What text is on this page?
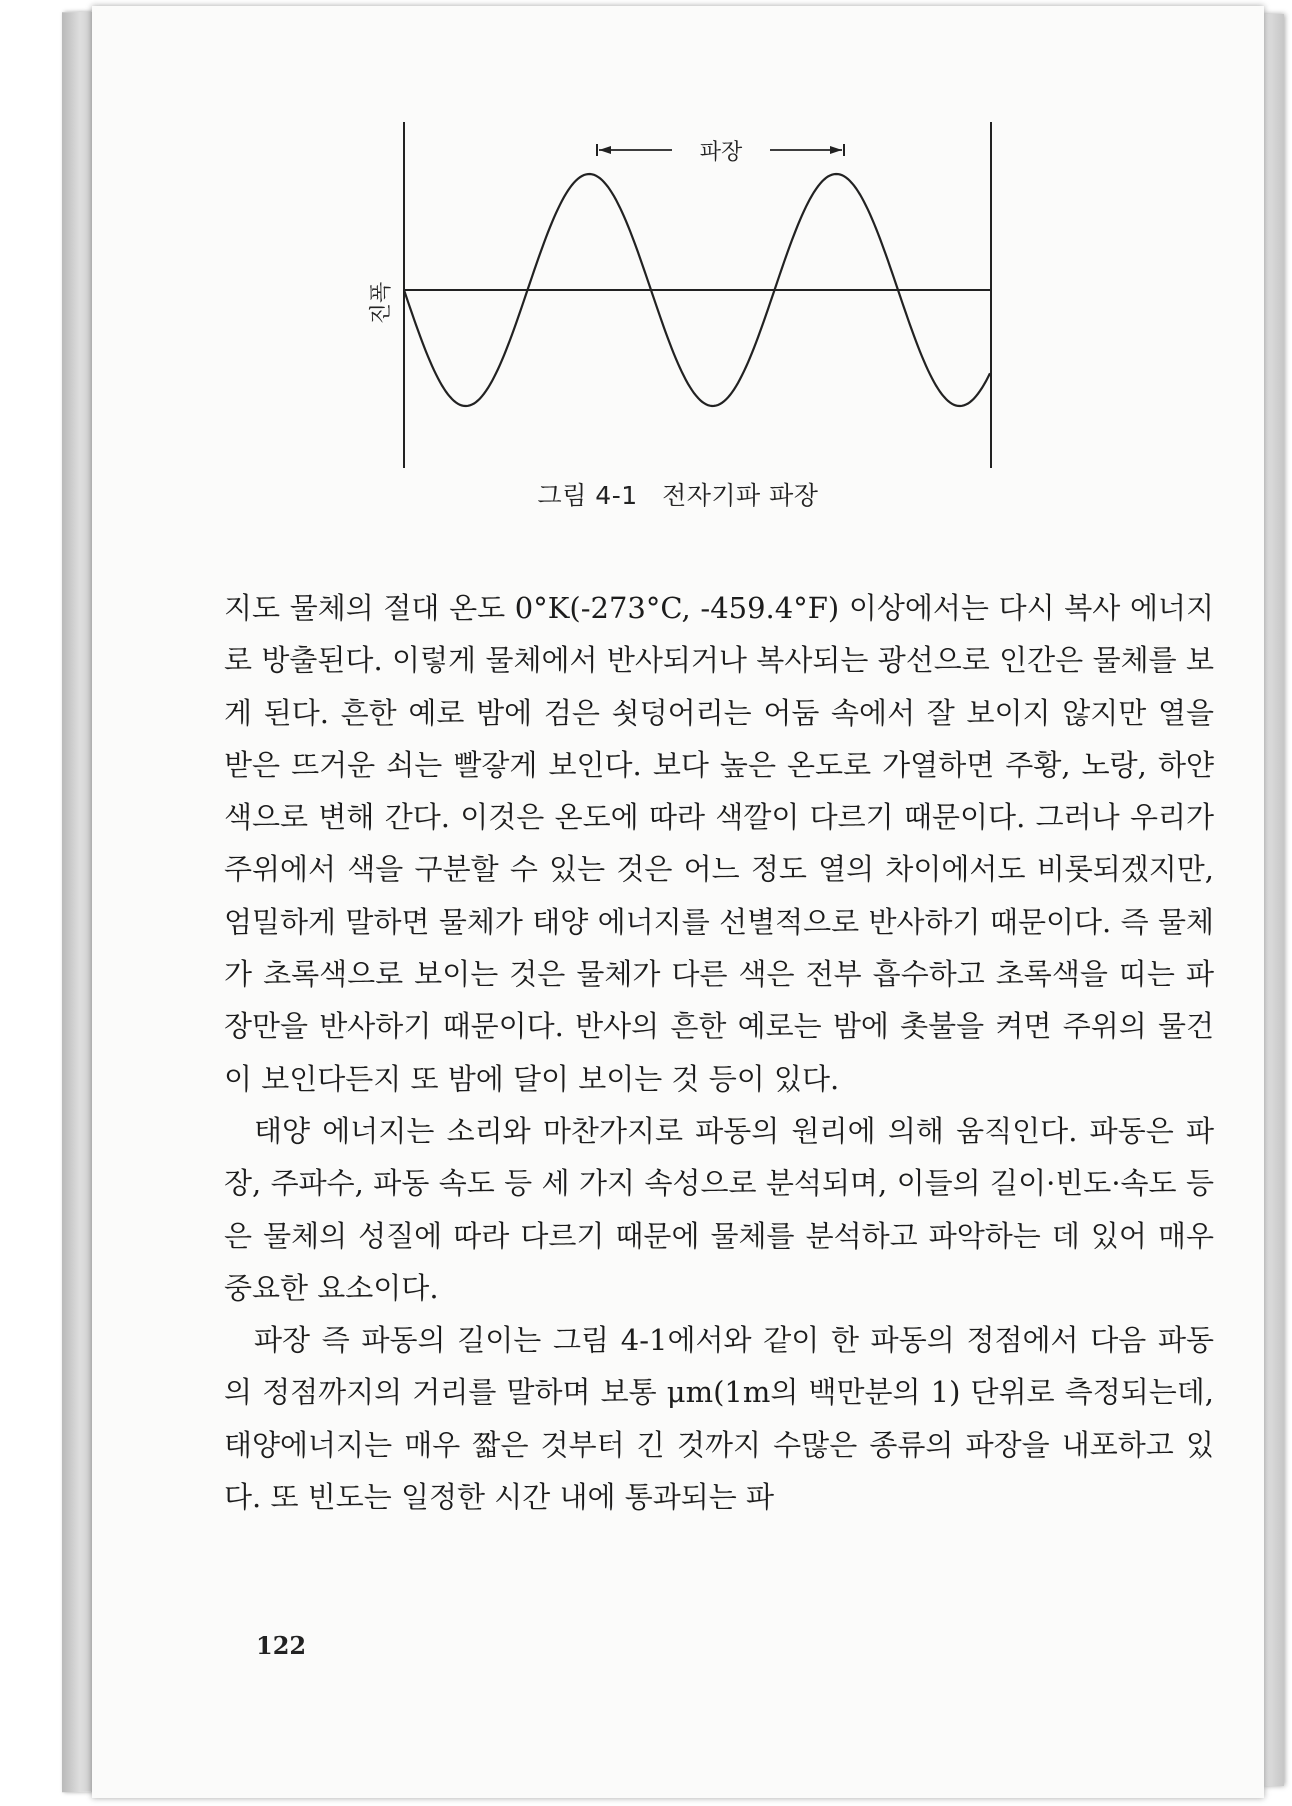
파장
진폭
그림 4-1 전자기파 파장

지도 물체의 절대 온도 0°K(-273°C, -459.4°F) 이상에서는 다시 복사 에너지로 방출된다. 이렇게 물체에서 반사되거나 복사되는 광선으로 인간은 물체를 보게 된다. 흔한 예로 밤에 검은 쇳덩어리는 어둠 속에서 잘 보이지 않지만 열을 받은 뜨거운 쇠는 빨갛게 보인다. 보다 높은 온도로 가열하면 주황, 노랑, 하얀색으로 변해 간다. 이것은 온도에 따라 색깔이 다르기 때문이다. 그러나 우리가 주위에서 색을 구분할 수 있는 것은 어느 정도 열의 차이에서도 비롯되겠지만, 엄밀하게 말하면 물체가 태양 에너지를 선별적으로 반사하기 때문이다. 즉 물체가 초록색으로 보이는 것은 물체가 다른 색은 전부 흡수하고 초록색을 띠는 파장만을 반사하기 때문이다. 반사의 흔한 예로는 밤에 촛불을 켜면 주위의 물건이 보인다든지 또 밤에 달이 보이는 것 등이 있다.

태양 에너지는 소리와 마찬가지로 파동의 원리에 의해 움직인다. 파동은 파장, 주파수, 파동 속도 등 세 가지 속성으로 분석되며, 이들의 길이·빈도·속도 등은 물체의 성질에 따라 다르기 때문에 물체를 분석하고 파악하는 데 있어 매우 중요한 요소이다.

파장 즉 파동의 길이는 그림 4-1에서와 같이 한 파동의 정점에서 다음 파동의 정점까지의 거리를 말하며 보통 μm(1m의 백만분의 1) 단위로 측정되는데, 태양에너지는 매우 짧은 것부터 긴 것까지 수많은 종류의 파장을 내포하고 있다. 또 빈도는 일정한 시간 내에 통과되는 파

122
